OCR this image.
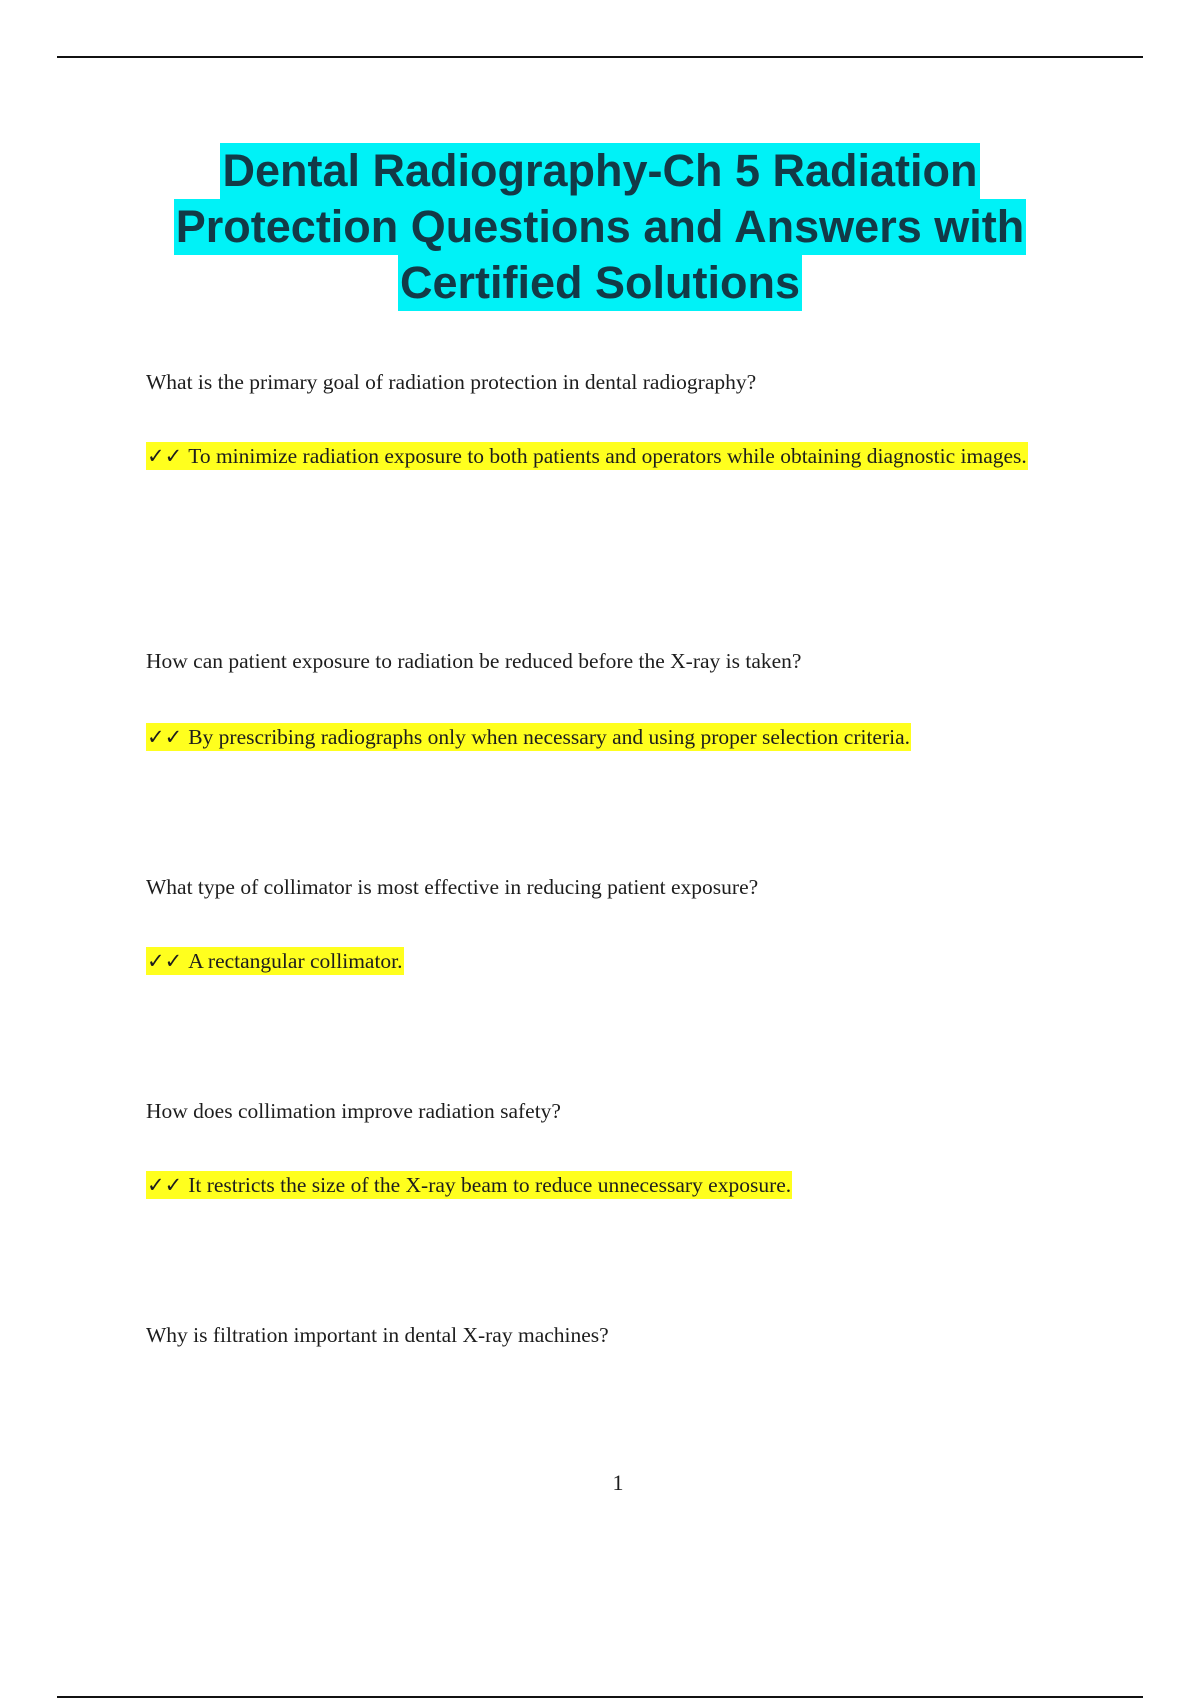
Dental Radiography-Ch 5 Radiation
Protection Questions and Answers with
Certified Solutions
What is the primary goal of radiation protection in dental radiography?
✓✓ To minimize radiation exposure to both patients and operators while obtaining diagnostic images.
How can patient exposure to radiation be reduced before the X-ray is taken?
✓✓ By prescribing radiographs only when necessary and using proper selection criteria.
What type of collimator is most effective in reducing patient exposure?
✓✓ A rectangular collimator.
How does collimation improve radiation safety?
✓✓ It restricts the size of the X-ray beam to reduce unnecessary exposure.
Why is filtration important in dental X-ray machines?
1
